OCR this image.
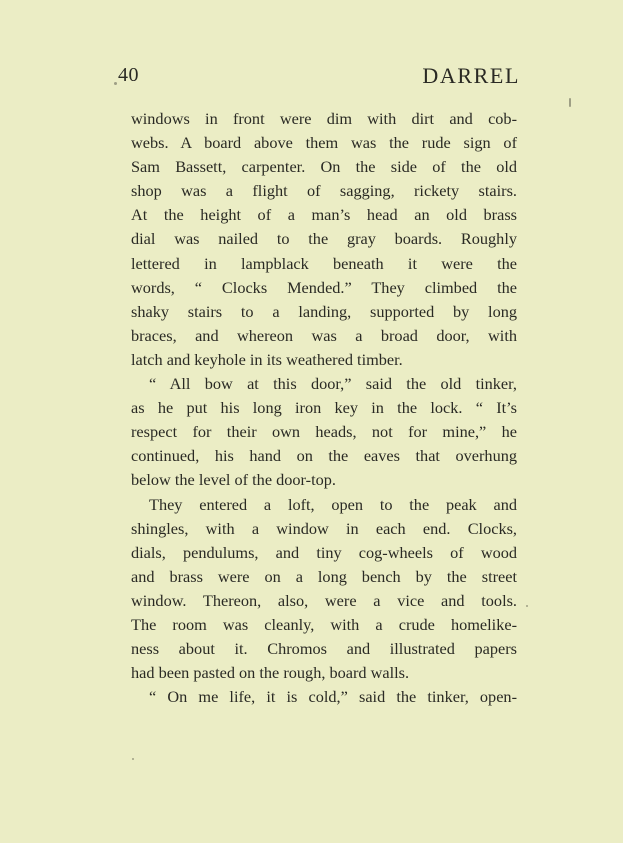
40	DARREL
windows in front were dim with dirt and cob-
webs. A board above them was the rude sign of
Sam Bassett, carpenter. On the side of the old
shop was a flight of sagging, rickety stairs.
At the height of a man’s head an old brass
dial was nailed to the gray boards. Roughly
lettered in lampblack beneath it were the
words, “ Clocks Mended.” They climbed the
shaky stairs to a landing, supported by long
braces, and whereon was a broad door, with
latch and keyhole in its weathered timber.
“ All bow at this door,” said the old tinker,
as he put his long iron key in the lock. “ It’s
respect for their own heads, not for mine,” he
continued, his hand on the eaves that overhung
below the level of the door-top.
They entered a loft, open to the peak and
shingles, with a window in each end. Clocks,
dials, pendulums, and tiny cog-wheels of wood
and brass were on a long bench by the street
window. Thereon, also, were a vice and tools.
The room was cleanly, with a crude homelike-
ness about it. Chromos and illustrated papers
had been pasted on the rough, board walls.
“ On me life, it is cold,” said the tinker, open-
